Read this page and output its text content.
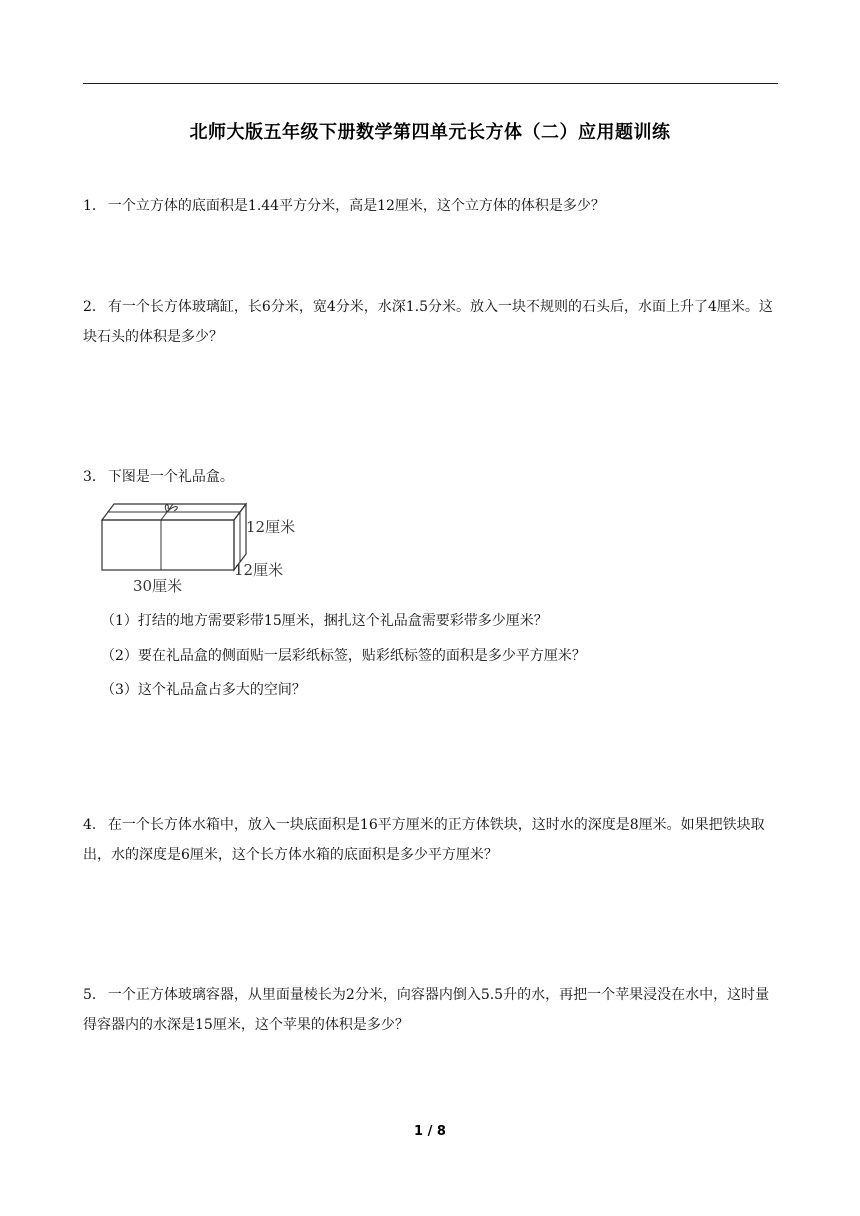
北师大版五年级下册数学第四单元长方体（二）应用题训练

1． 一个立方体的底面积是1.44平方分米，高是12厘米，这个立方体的体积是多少？

2． 有一个长方体玻璃缸，长6分米，宽4分米，水深1.5分米。放入一块不规则的石头后，水面上升了4厘米。这块石头的体积是多少？

3． 下图是一个礼品盒。

12厘米
12厘米
30厘米

（1）打结的地方需要彩带15厘米，捆扎这个礼品盒需要彩带多少厘米？

（2）要在礼品盒的侧面贴一层彩纸标签，贴彩纸标签的面积是多少平方厘米？

（3）这个礼品盒占多大的空间？

4． 在一个长方体水箱中，放入一块底面积是16平方厘米的正方体铁块，这时水的深度是8厘米。如果把铁块取出，水的深度是6厘米，这个长方体水箱的底面积是多少平方厘米？

5． 一个正方体玻璃容器，从里面量棱长为2分米，向容器内倒入5.5升的水，再把一个苹果浸没在水中，这时量得容器内的水深是15厘米，这个苹果的体积是多少？

1 / 8
